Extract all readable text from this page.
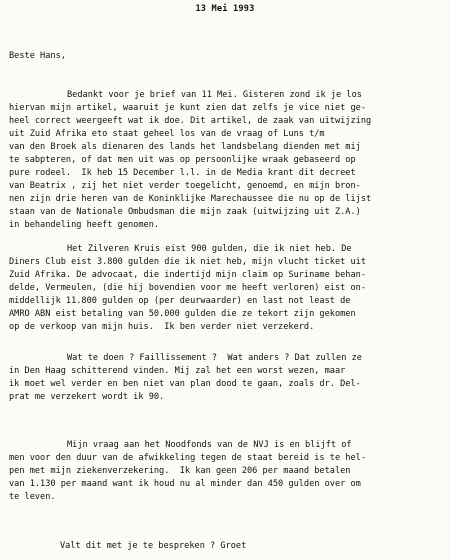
13 Mei 1993
Beste Hans,
Bedankt voor je brief van 11 Mei. Gisteren zond ik je los
hiervan mijn artikel, waaruit je kunt zien dat zelfs je vice niet ge-
heel correct weergeeft wat ik doe. Dit artikel, de zaak van uitwijzing
uit Zuid Afrika eto staat geheel los van de vraag of Luns t/m
van den Broek als dienaren des lands het landsbelang dienden met mij
te sabpteren, of dat men uit was op persoonlijke wraak gebaseerd op
pure rodeel.  Ik heb 15 December l.l. in de Media krant dit decreet
van Beatrix , zij het niet verder toegelicht, genoemd, en mijn bron-
nen zijn drie heren van de Koninklijke Marechaussee die nu op de lijst
staan van de Nationale Ombudsman die mijn zaak (uitwijzing uit Z.A.)
in behandeling heeft genomen.
Het Zilveren Kruis eist 900 gulden, die ik niet heb. De
Diners Club eist 3.800 gulden die ik niet heb, mijn vlucht ticket uit
Zuid Afrika. De advocaat, die indertijd mijn claim op Suriname behan-
delde, Vermeulen, (die hij bovendien voor me heeft verloren) eist on-
middellijk 11.800 gulden op (per deurwaarder) en last not least de
AMRO ABN eist betaling van 50.000 gulden die ze tekort zijn gekomen
op de verkoop van mijn huis.  Ik ben verder niet verzekerd.
Wat te doen ? Faillissement ?  Wat anders ? Dat zullen ze
in Den Haag schitterend vinden. Mij zal het een worst wezen, maar
ik moet wel verder en ben niet van plan dood te gaan, zoals dr. Del-
prat me verzekert wordt ik 90.
Mijn vraag aan het Noodfonds van de NVJ is en blijft of
men voor den duur van de afwikkeling tegen de staat bereid is te hel-
pen met mijn ziekenverzekering.  Ik kan geen 206 per maand betalen
van 1.130 per maand want ik houd nu al minder dan 450 gulden over om
te leven.
Valt dit met je te bespreken ? Groet
